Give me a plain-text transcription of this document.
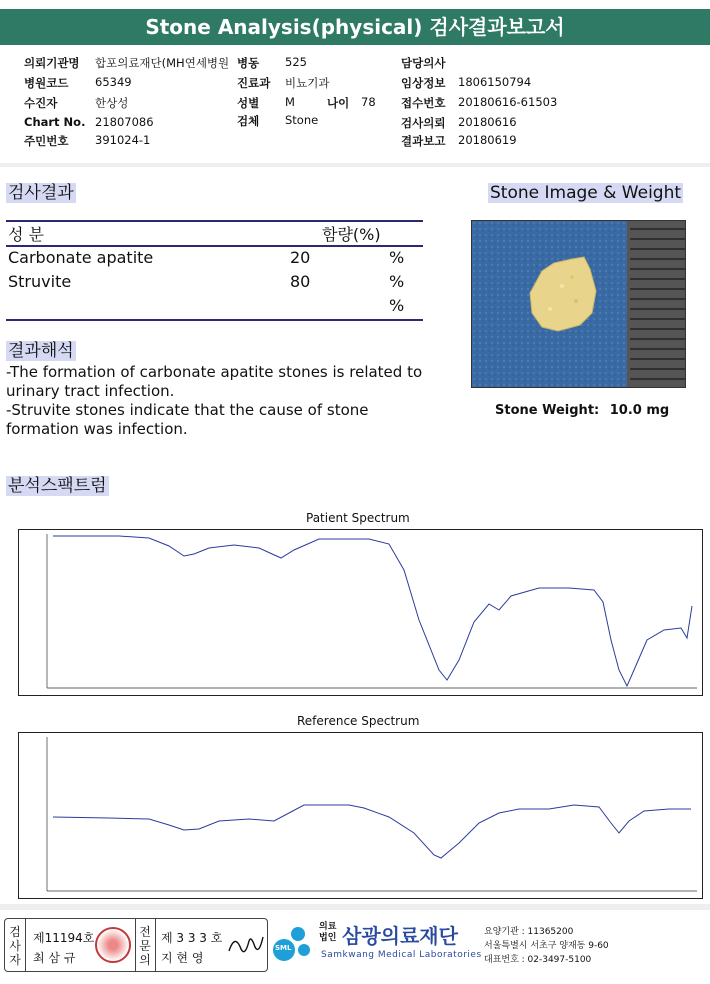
Stone Analysis(physical) 검사결과보고서
의뢰기관명 합포의료재단(MH연세병원
병원코드 65349
수진자	한상성
Chart No. 21807086
주민번호 391024-1
병동 525
진료과 비뇨기과
성별 M	나이 78
검체 Stone
담당의사
임상정보 1806150794
접수번호 20180616-61503
검사의뢰 20180616
결과보고 20180619
검사결과
성 분	함량(%)
Carbonate apatite	20	%
Struvite	80	%
%
결과해석
-The formation of carbonate apatite stones is related to urinary tract infection.
-Struvite stones indicate that the cause of stone formation was infection.
Stone Image & Weight
Stone Weight: 10.0 mg
분석스팩트럼
Patient Spectrum
Reference Spectrum
검사자
제11194호
최 삼 규
전문의
제 3 3 3 호
지 현 영
SML
의료법인 삼광의료재단
Samkwang Medical Laboratories
요양기관 : 11365200
서울특별시 서초구 양재동 9-60
대표번호 : 02-3497-5100
